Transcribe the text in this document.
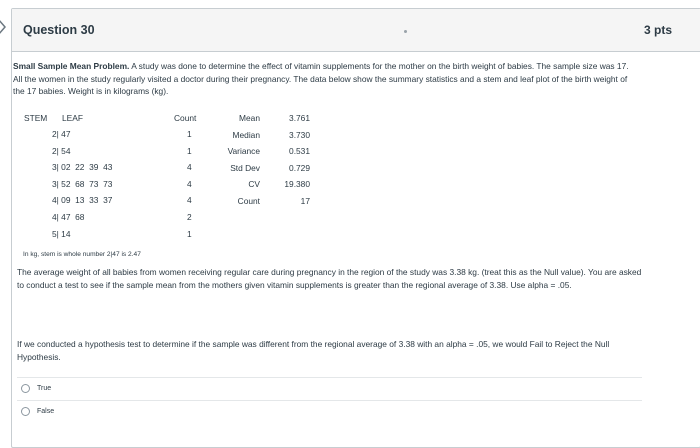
Question 30	3 pts
Small Sample Mean Problem. A study was done to determine the effect of vitamin supplements for the mother on the birth weight of babies. The sample size was 17. All the women in the study regularly visited a doctor during their pregnancy. The data below show the summary statistics and a stem and leaf plot of the birth weight of the 17 babies. Weight is in kilograms (kg).
STEM LEAF	Count
2| 47
2| 54
3| 02  22  39  43
3| 52  68  73  73
4| 09  13  33  37
4| 47  68
5| 14
1
1
4
4
4
2
1
Mean
Median
Variance
Std Dev
CV
Count
3.761
3.730
0.531
0.729
19.380
17
In kg, stem is whole number 2|47 is 2.47
The average weight of all babies from women receiving regular care during pregnancy in the region of the study was 3.38 kg. (treat this as the Null value). You are asked to conduct a test to see if the sample mean from the mothers given vitamin supplements is greater than the regional average of 3.38. Use alpha = .05.
If we conducted a hypothesis test to determine if the sample was different from the regional average of 3.38 with an alpha = .05, we would Fail to Reject the Null Hypothesis.
True
False
